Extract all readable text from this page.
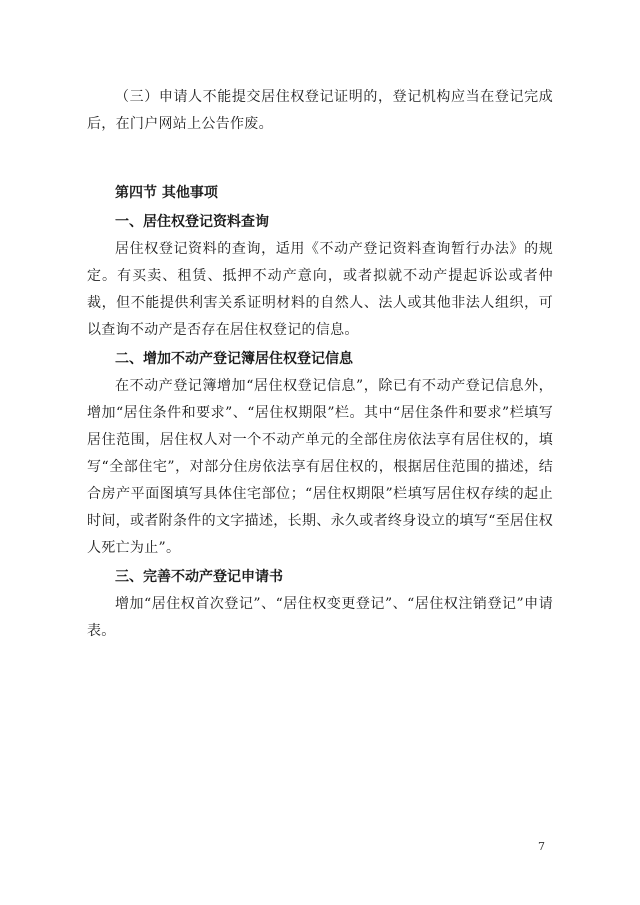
（三）申请人不能提交居住权登记证明的，登记机构应当在登记完成后，在门户网站上公告作废。

第四节 其他事项
一、居住权登记资料查询

居住权登记资料的查询，适用《不动产登记资料查询暂行办法》的规定。有买卖、租赁、抵押不动产意向，或者拟就不动产提起诉讼或者仲裁，但不能提供利害关系证明材料的自然人、法人或其他非法人组织，可以查询不动产是否存在居住权登记的信息。

二、增加不动产登记簿居住权登记信息

在不动产登记簿增加“居住权登记信息”，除已有不动产登记信息外，增加“居住条件和要求”、“居住权期限”栏。其中“居住条件和要求”栏填写居住范围，居住权人对一个不动产单元的全部住房依法享有居住权的，填写“全部住宅”，对部分住房依法享有居住权的，根据居住范围的描述，结合房产平面图填写具体住宅部位；“居住权期限”栏填写居住权存续的起止时间，或者附条件的文字描述，长期、永久或者终身设立的填写“至居住权人死亡为止”。

三、完善不动产登记申请书

增加“居住权首次登记”、“居住权变更登记”、“居住权注销登记”申请表。

7
